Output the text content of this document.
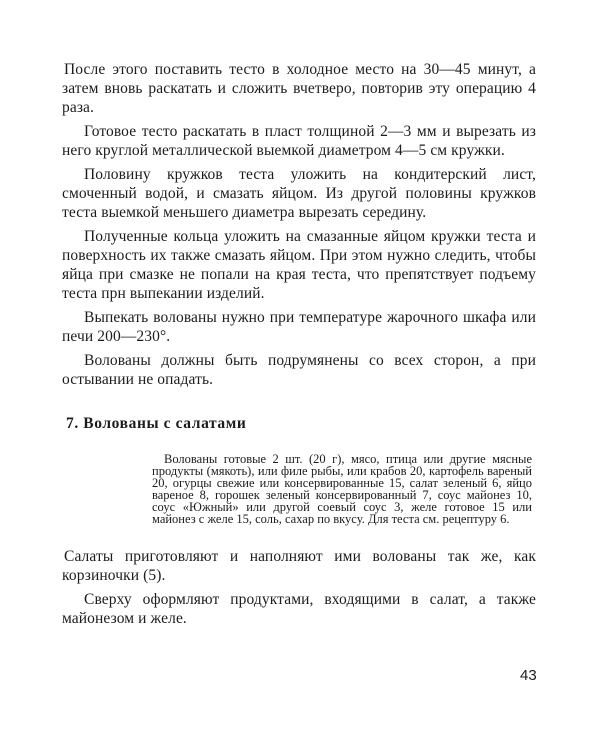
После этого поставить тесто в холодное место на 30—45 минут, а затем вновь раскатать и сложить вчетверо, повторив эту операцию 4 раза.

Готовое тесто раскатать в пласт толщиной 2—3 мм и вырезать из него круглой металлической выемкой диаметром 4—5 см кружки.

Половину кружков теста уложить на кондитерский лист, смоченный водой, и смазать яйцом. Из другой половины кружков теста выемкой меньшего диаметра вырезать середину.

Полученные кольца уложить на смазанные яйцом кружки теста и поверхность их также смазать яйцом. При этом нужно следить, чтобы яйца при смазке не попали на края теста, что препятствует подъему теста прн выпекании изделий.

Выпекать волованы нужно при температуре жарочного шкафа или печи 200—230°.

Волованы должны быть подрумянены со всех сторон, а при остывании не опадать.

7. Волованы с салатами

Волованы готовые 2 шт. (20 г), мясо, птица или другие мясные продукты (мякоть), или филе рыбы, или крабов 20, картофель вареный 20, огурцы свежие или консервированные 15, салат зеленый 6, яйцо вареное 8, горошек зеленый консервированный 7, соус майонез 10, соус «Южный» или другой соевый соус 3, желе готовое 15 или майонез с желе 15, соль, сахар по вкусу. Для теста см. рецептуру 6.

Салаты приготовляют и наполняют ими волованы так же, как корзиночки (5).

Сверху оформляют продуктами, входящими в салат, а также майонезом и желе.

43
